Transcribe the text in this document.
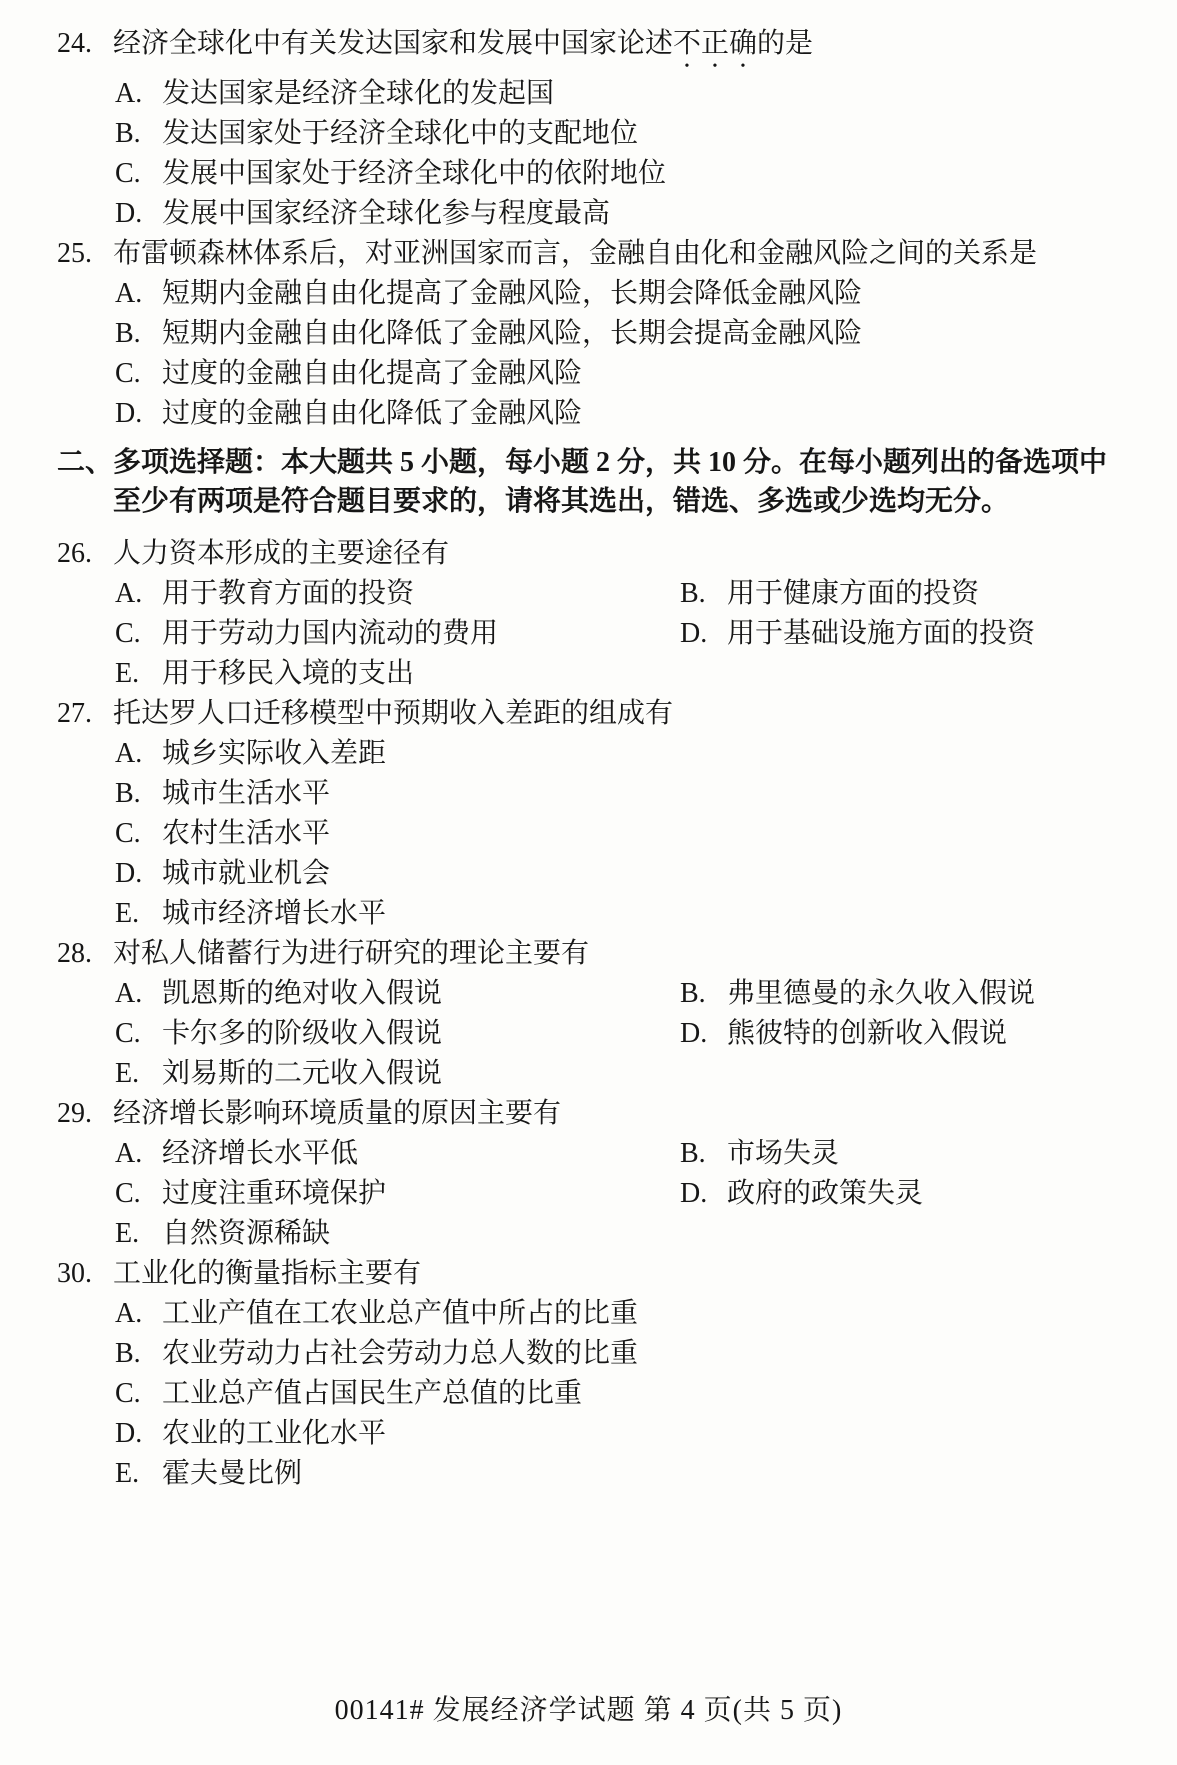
24. 经济全球化中有关发达国家和发展中国家论述不正确的是
A. 发达国家是经济全球化的发起国
B. 发达国家处于经济全球化中的支配地位
C. 发展中国家处于经济全球化中的依附地位
D. 发展中国家经济全球化参与程度最高
25. 布雷顿森林体系后，对亚洲国家而言，金融自由化和金融风险之间的关系是
A. 短期内金融自由化提高了金融风险，长期会降低金融风险
B. 短期内金融自由化降低了金融风险，长期会提高金融风险
C. 过度的金融自由化提高了金融风险
D. 过度的金融自由化降低了金融风险
二、 多项选择题：本大题共 5 小题，每小题 2 分，共 10 分。在每小题列出的备选项中至少有两项是符合题目要求的，请将其选出，错选、多选或少选均无分。
26. 人力资本形成的主要途径有
A. 用于教育方面的投资	B. 用于健康方面的投资
C. 用于劳动力国内流动的费用	D. 用于基础设施方面的投资
E. 用于移民入境的支出
27. 托达罗人口迁移模型中预期收入差距的组成有
A. 城乡实际收入差距
B. 城市生活水平
C. 农村生活水平
D. 城市就业机会
E. 城市经济增长水平
28. 对私人储蓄行为进行研究的理论主要有
A. 凯恩斯的绝对收入假说	B. 弗里德曼的永久收入假说
C. 卡尔多的阶级收入假说	D. 熊彼特的创新收入假说
E. 刘易斯的二元收入假说
29. 经济增长影响环境质量的原因主要有
A. 经济增长水平低	B. 市场失灵
C. 过度注重环境保护	D. 政府的政策失灵
E. 自然资源稀缺
30. 工业化的衡量指标主要有
A. 工业产值在工农业总产值中所占的比重
B. 农业劳动力占社会劳动力总人数的比重
C. 工业总产值占国民生产总值的比重
D. 农业的工业化水平
E. 霍夫曼比例
00141# 发展经济学试题 第 4 页(共 5 页)
